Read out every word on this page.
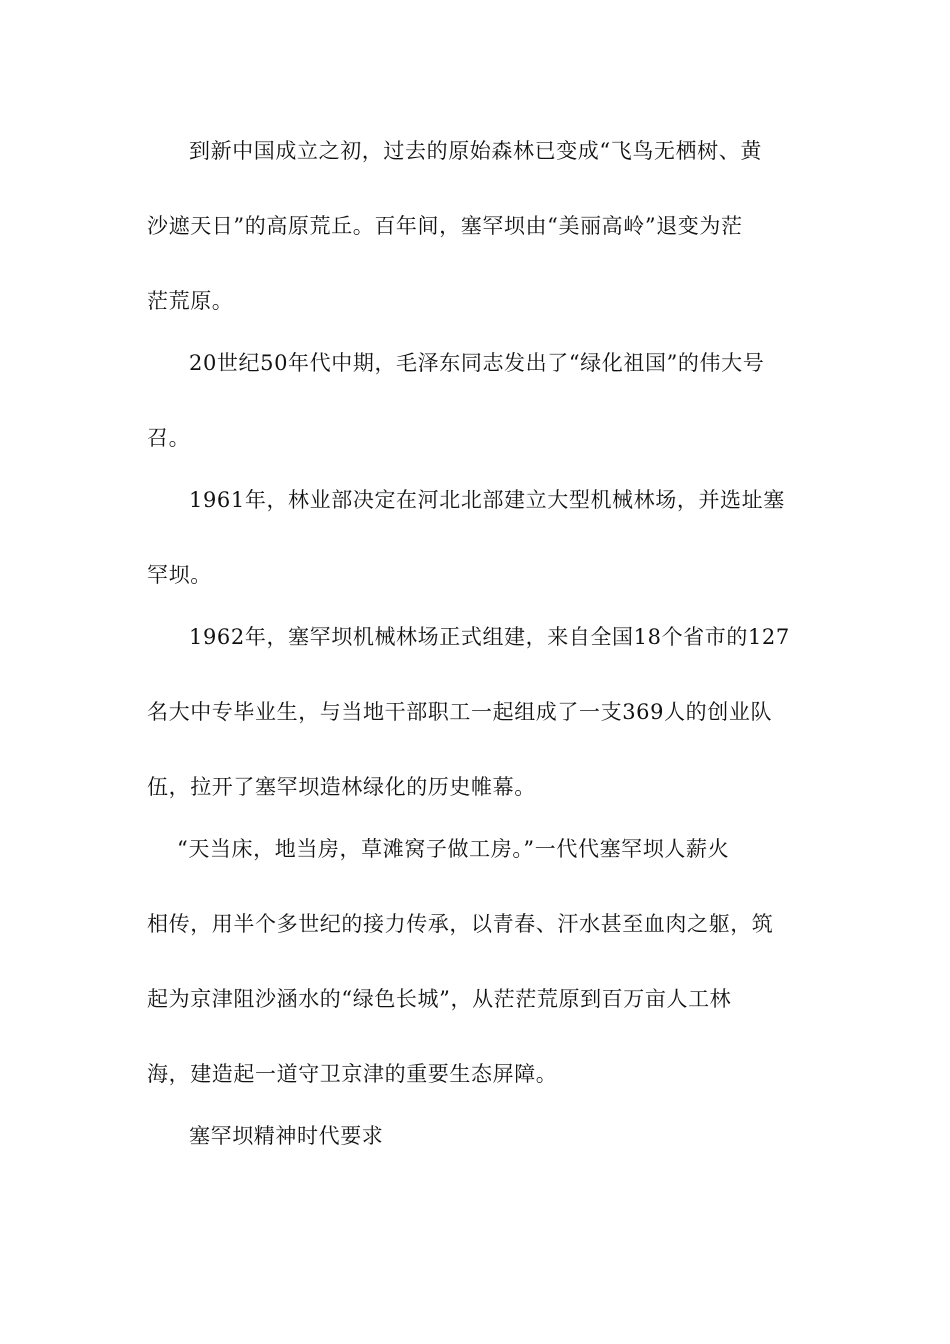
到新中国成立之初，过去的原始森林已变成“飞鸟无栖树、黄
沙遮天日”的高原荒丘。百年间，塞罕坝由“美丽高岭”退变为茫
茫荒原。
20世纪50年代中期，毛泽东同志发出了“绿化祖国”的伟大号
召。
1961年，林业部决定在河北北部建立大型机械林场，并选址塞
罕坝。
1962年，塞罕坝机械林场正式组建，来自全国18个省市的127
名大中专毕业生，与当地干部职工一起组成了一支369人的创业队
伍，拉开了塞罕坝造林绿化的历史帷幕。
“天当床，地当房，草滩窝子做工房。”一代代塞罕坝人薪火
相传，用半个多世纪的接力传承，以青春、汗水甚至血肉之躯，筑
起为京津阻沙涵水的“绿色长城”，从茫茫荒原到百万亩人工林
海，建造起一道守卫京津的重要生态屏障。
塞罕坝精神时代要求
